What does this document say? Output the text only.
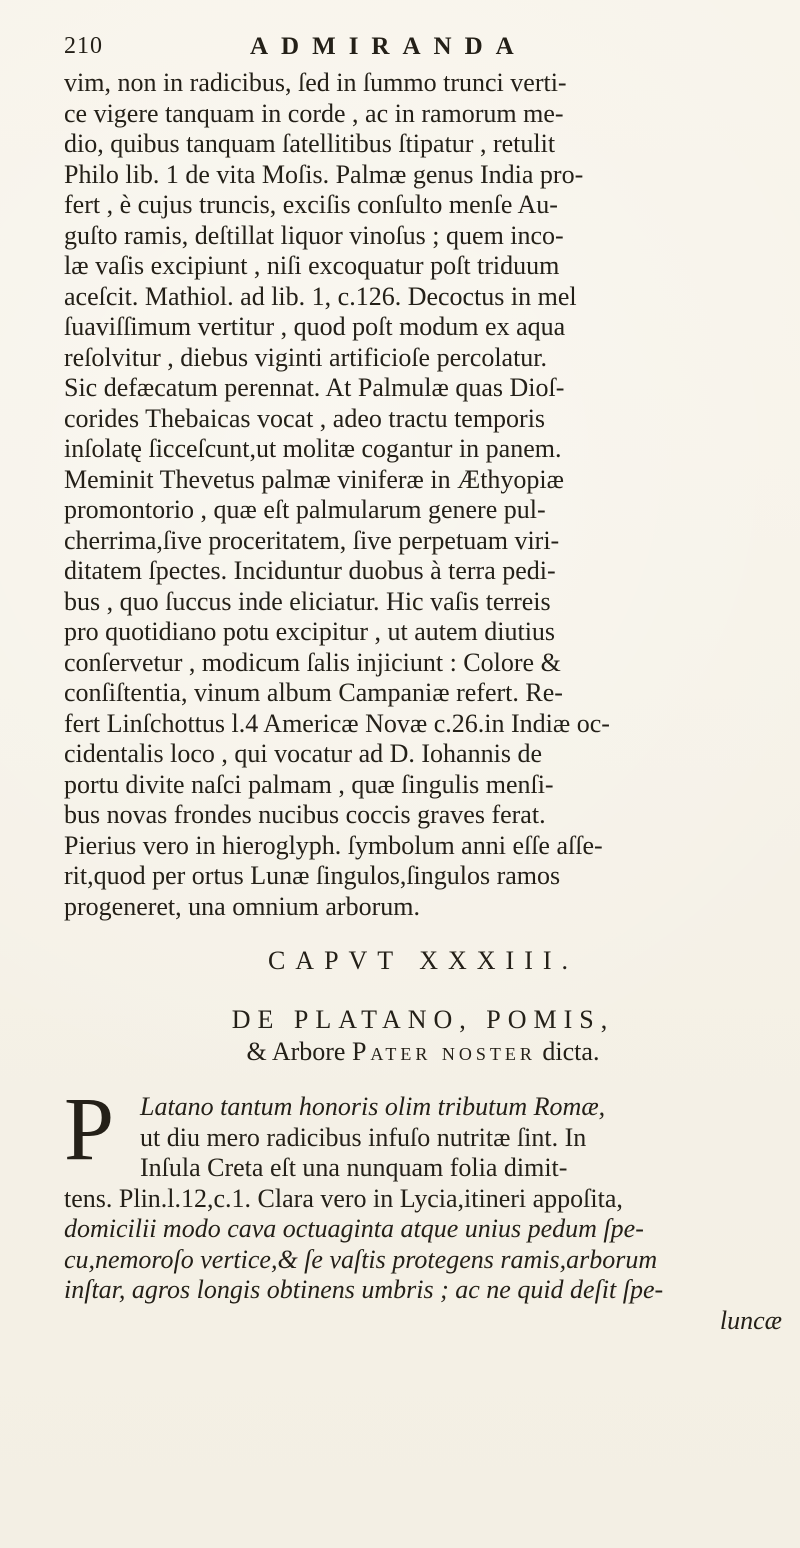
210	ADMIRANDA

vim, non in radicibus, ſed in ſummo trunci verti-
ce vigere tanquam in corde , ac in ramorum me-
dio, quibus tanquam ſatellitibus ſtipatur , retulit
Philo lib. 1 de vita Moſis. Palmæ genus India pro-
fert , è cujus truncis, exciſis conſulto menſe Au-
guſto ramis, deſtillat liquor vinoſus ; quem inco-
læ vaſis excipiunt , niſi excoquatur poſt triduum
aceſcit. Mathiol. ad lib. 1, c.126. Decoctus in mel
ſuaviſſimum vertitur , quod poſt modum ex aqua
reſolvitur , diebus viginti artificioſe percolatur.
Sic defæcatum perennat. At Palmulæ quas Dioſ-
corides Thebaicas vocat , adeo tractu temporis
inſolatę ſicceſcunt,ut molitæ cogantur in panem.
Meminit Thevetus palmæ viniferæ in Æthyopiæ
promontorio , quæ eſt palmularum genere pul-
cherrima,ſive proceritatem, ſive perpetuam viri-
ditatem ſpectes. Inciduntur duobus à terra pedi-
bus , quo ſuccus inde eliciatur. Hic vaſis terreis
pro quotidiano potu excipitur , ut autem diutius
conſervetur , modicum ſalis injiciunt : Colore &
conſiſtentia, vinum album Campaniæ refert. Re-
fert Linſchottus l.4 Americæ Novæ c.26.in Indiæ oc-
cidentalis loco , qui vocatur ad D. Iohannis de
portu divite naſci palmam , quæ ſingulis menſi-
bus novas frondes nucibus coccis graves ferat.
Pierius vero in hieroglyph. ſymbolum anni eſſe aſſe-
rit,quod per ortus Lunæ ſingulos,ſingulos ramos
progeneret, una omnium arborum.

CAPVT XXXIII.
DE PLATANO, POMIS,
& Arbore Pater noster dicta.
P Latano tantum honoris olim tributum Romæ,
ut diu mero radicibus infuſo nutritæ ſint. In
Inſula Creta eſt una nunquam folia dimit-

tens. Plin.l.12,c.1. Clara vero in Lycia,itineri appoſita,
domicilii modo cava octuaginta atque unius pedum ſpe-
cu,nemoroſo vertice,& ſe vaſtis protegens ramis,arborum
inſtar, agros longis obtinens umbris ; ac ne quid deſit ſpe-

luncæ
